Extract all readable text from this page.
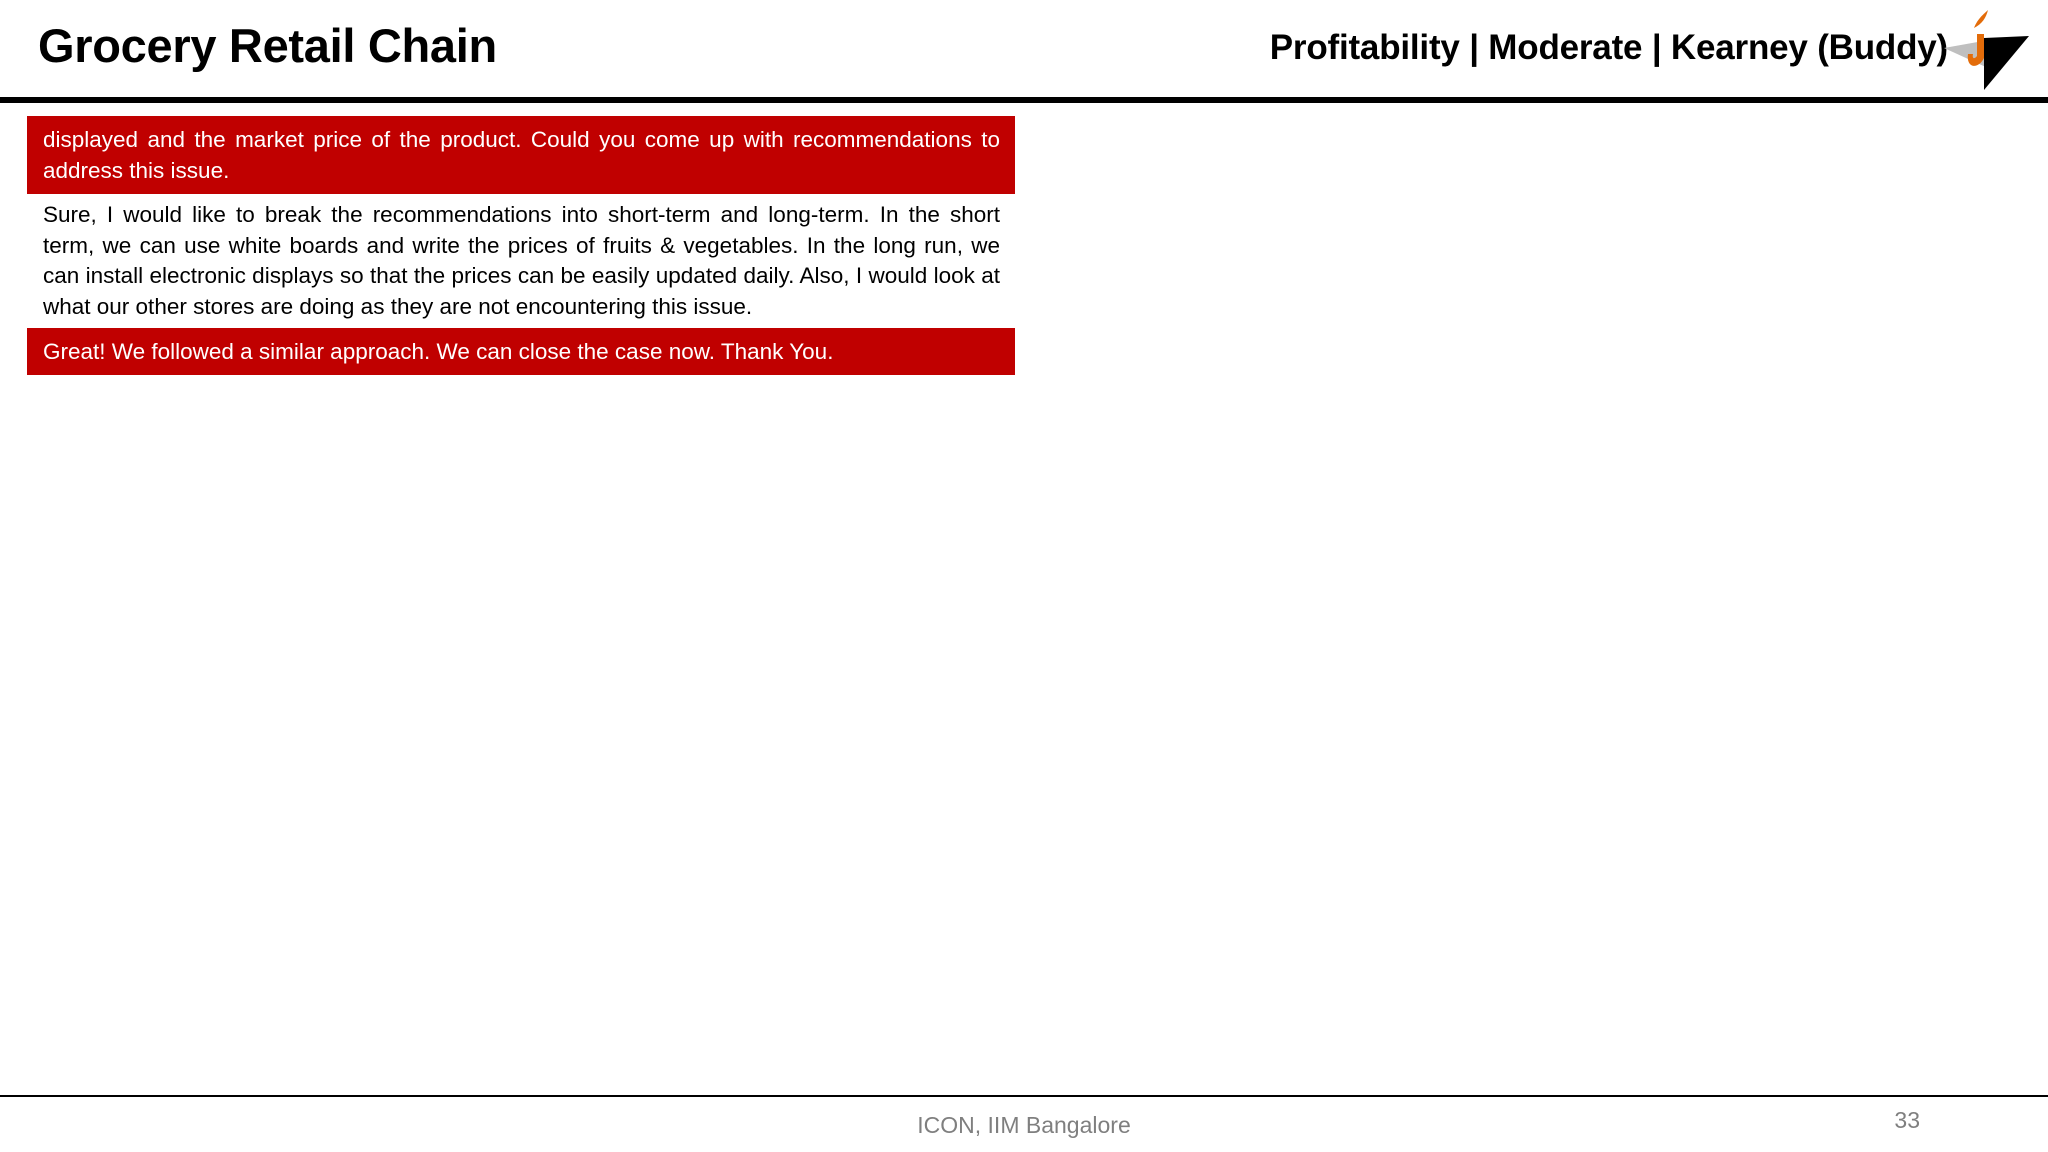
Grocery Retail Chain	Profitability | Moderate | Kearney (Buddy)
displayed and the market price of the product. Could you come up with recommendations to address this issue.
Sure, I would like to break the recommendations into short-term and long-term. In the short term, we can use white boards and write the prices of fruits & vegetables. In the long run, we can install electronic displays so that the prices can be easily updated daily. Also, I would look at what our other stores are doing as they are not encountering this issue.
Great! We followed a similar approach. We can close the case now. Thank You.
ICON, IIM Bangalore	33
